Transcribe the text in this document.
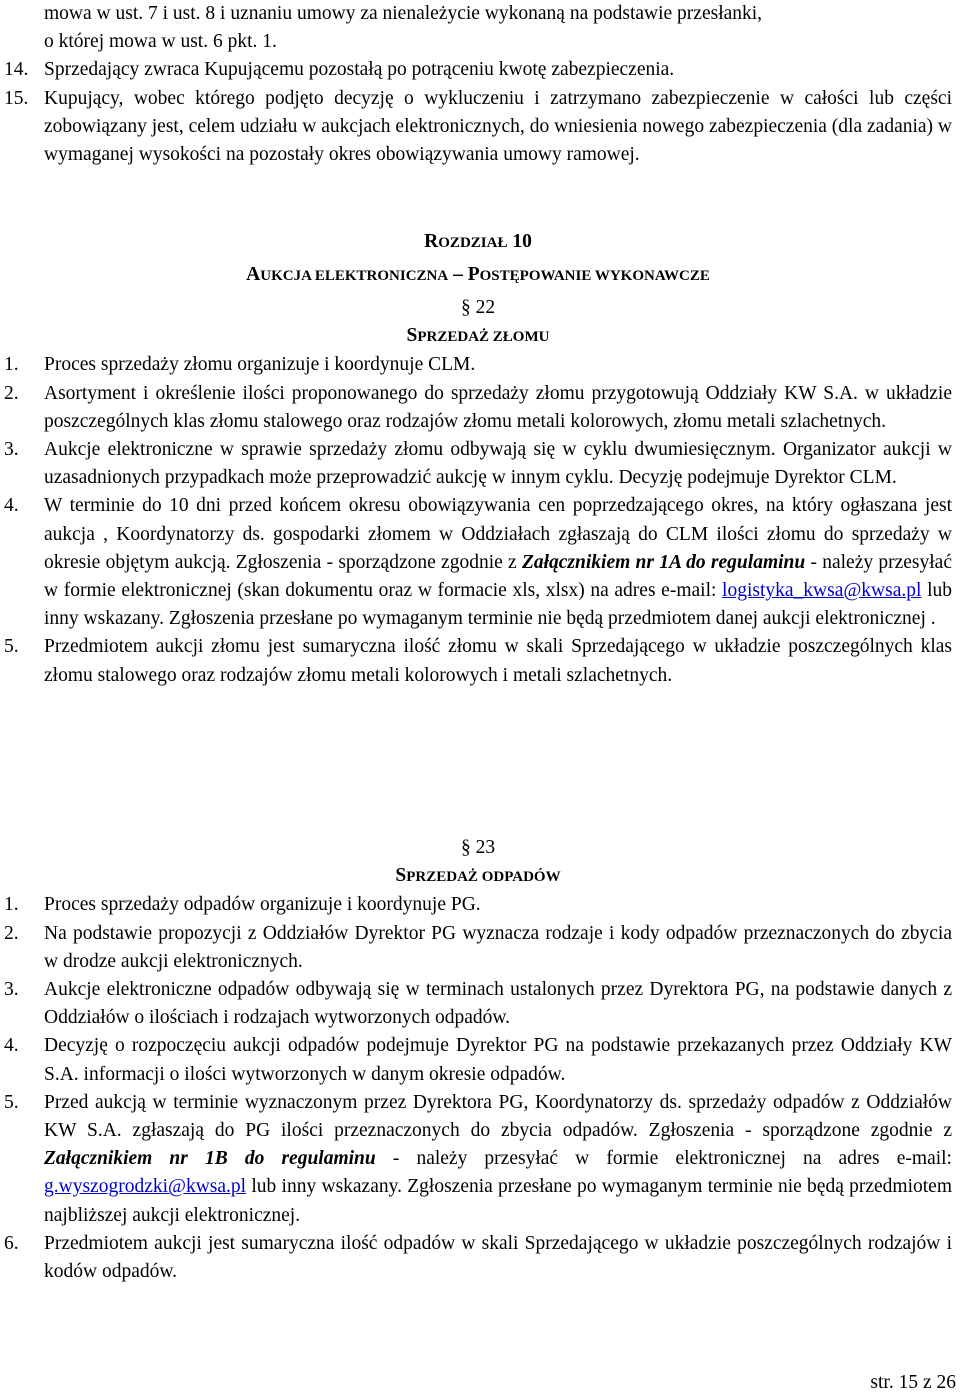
mowa w ust. 7 i ust. 8 i uznaniu umowy za nienależycie wykonaną na podstawie przesłanki,
o której mowa w ust. 6 pkt. 1.
14. Sprzedający zwraca Kupującemu pozostałą po potrąceniu kwotę zabezpieczenia.
15. Kupujący, wobec którego podjęto decyzję o wykluczeniu i zatrzymano zabezpieczenie w całości lub części zobowiązany jest, celem udziału w aukcjach elektronicznych, do wniesienia nowego zabezpieczenia (dla zadania) w wymaganej wysokości na pozostały okres obowiązywania umowy ramowej.
ROZDZIAŁ 10
AUKCJA ELEKTRONICZNA – POSTĘPOWANIE WYKONAWCZE
§ 22
SPRZEDAŻ ZŁOMU
1. Proces sprzedaży złomu organizuje i koordynuje CLM.
2. Asortyment i określenie ilości proponowanego do sprzedaży złomu przygotowują Oddziały KW S.A. w układzie poszczególnych klas złomu stalowego oraz rodzajów złomu metali kolorowych, złomu metali szlachetnych.
3. Aukcje elektroniczne w sprawie sprzedaży złomu odbywają się w cyklu dwumiesięcznym. Organizator aukcji w uzasadnionych przypadkach może przeprowadzić aukcję w innym cyklu. Decyzję podejmuje Dyrektor CLM.
4. W terminie do 10 dni przed końcem okresu obowiązywania cen poprzedzającego okres, na który ogłaszana jest aukcja , Koordynatorzy ds. gospodarki złomem w Oddziałach zgłaszają do CLM ilości złomu do sprzedaży w okresie objętym aukcją. Zgłoszenia - sporządzone zgodnie z Załącznikiem nr 1A do regulaminu - należy przesyłać w formie elektronicznej (skan dokumentu oraz w formacie xls, xlsx) na adres e-mail: logistyka_kwsa@kwsa.pl lub inny wskazany. Zgłoszenia przesłane po wymaganym terminie nie będą przedmiotem danej aukcji elektronicznej .
5. Przedmiotem aukcji złomu jest sumaryczna ilość złomu w skali Sprzedającego w układzie poszczególnych klas złomu stalowego oraz rodzajów złomu metali kolorowych i metali szlachetnych.
§ 23
SPRZEDAŻ ODPADÓW
1. Proces sprzedaży odpadów organizuje i koordynuje PG.
2. Na podstawie propozycji z Oddziałów Dyrektor PG wyznacza rodzaje i kody odpadów przeznaczonych do zbycia w drodze aukcji elektronicznych.
3. Aukcje elektroniczne odpadów odbywają się w terminach ustalonych przez Dyrektora PG, na podstawie danych z Oddziałów o ilościach i rodzajach wytworzonych odpadów.
4. Decyzję o rozpoczęciu aukcji odpadów podejmuje Dyrektor PG na podstawie przekazanych przez Oddziały KW S.A. informacji o ilości wytworzonych w danym okresie odpadów.
5. Przed aukcją w terminie wyznaczonym przez Dyrektora PG, Koordynatorzy ds. sprzedaży odpadów z Oddziałów KW S.A. zgłaszają do PG ilości przeznaczonych do zbycia odpadów. Zgłoszenia - sporządzone zgodnie z Załącznikiem nr 1B do regulaminu - należy przesyłać w formie elektronicznej na adres e-mail: g.wyszogrodzki@kwsa.pl lub inny wskazany. Zgłoszenia przesłane po wymaganym terminie nie będą przedmiotem najbliższej aukcji elektronicznej.
6. Przedmiotem aukcji jest sumaryczna ilość odpadów w skali Sprzedającego w układzie poszczególnych rodzajów i kodów odpadów.
str. 15 z 26
